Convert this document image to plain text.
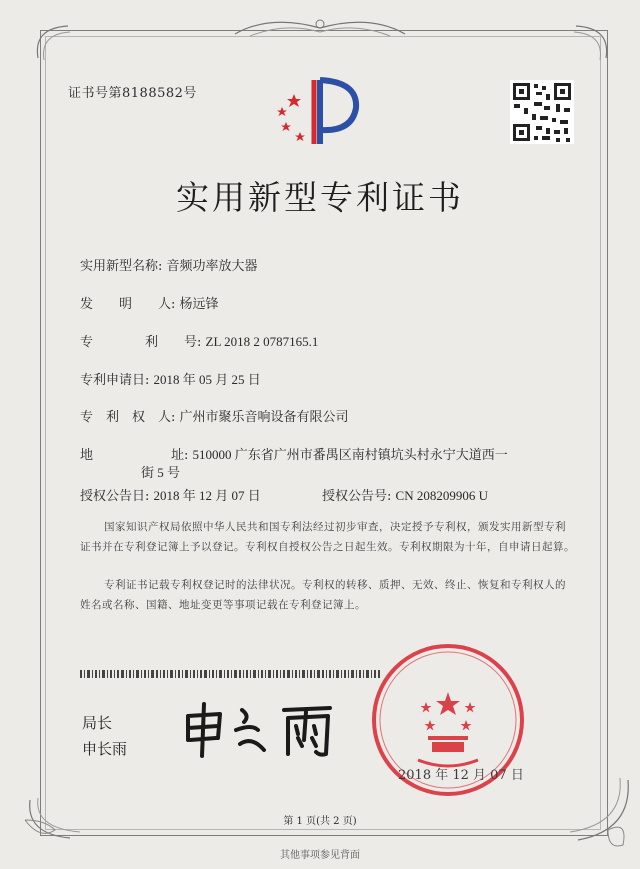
证书号第8188582号
实用新型专利证书
实用新型名称: 音频功率放大器
发　　明　　人: 杨远锋
专　　　　利　　号: ZL 2018 2 0787165.1
专利申请日: 2018 年 05 月 25 日
专　利　权　人: 广州市聚乐音响设备有限公司
地　　　　　　址: 510000 广东省广州市番禺区南村镇坑头村永宁大道西一
街 5 号
授权公告日: 2018 年 12 月 07 日	授权公告号: CN 208209906 U
国家知识产权局依照中华人民共和国专利法经过初步审查，决定授予专利权，颁发实用新型专利证书并在专利登记簿上予以登记。专利权自授权公告之日起生效。专利权期限为十年，自申请日起算。
专利证书记载专利权登记时的法律状况。专利权的转移、质押、无效、终止、恢复和专利权人的姓名或名称、国籍、地址变更等事项记载在专利登记簿上。
局长
申长雨
2018 年 12 月 07 日
第 1 页(共 2 页)
其他事项参见背面
